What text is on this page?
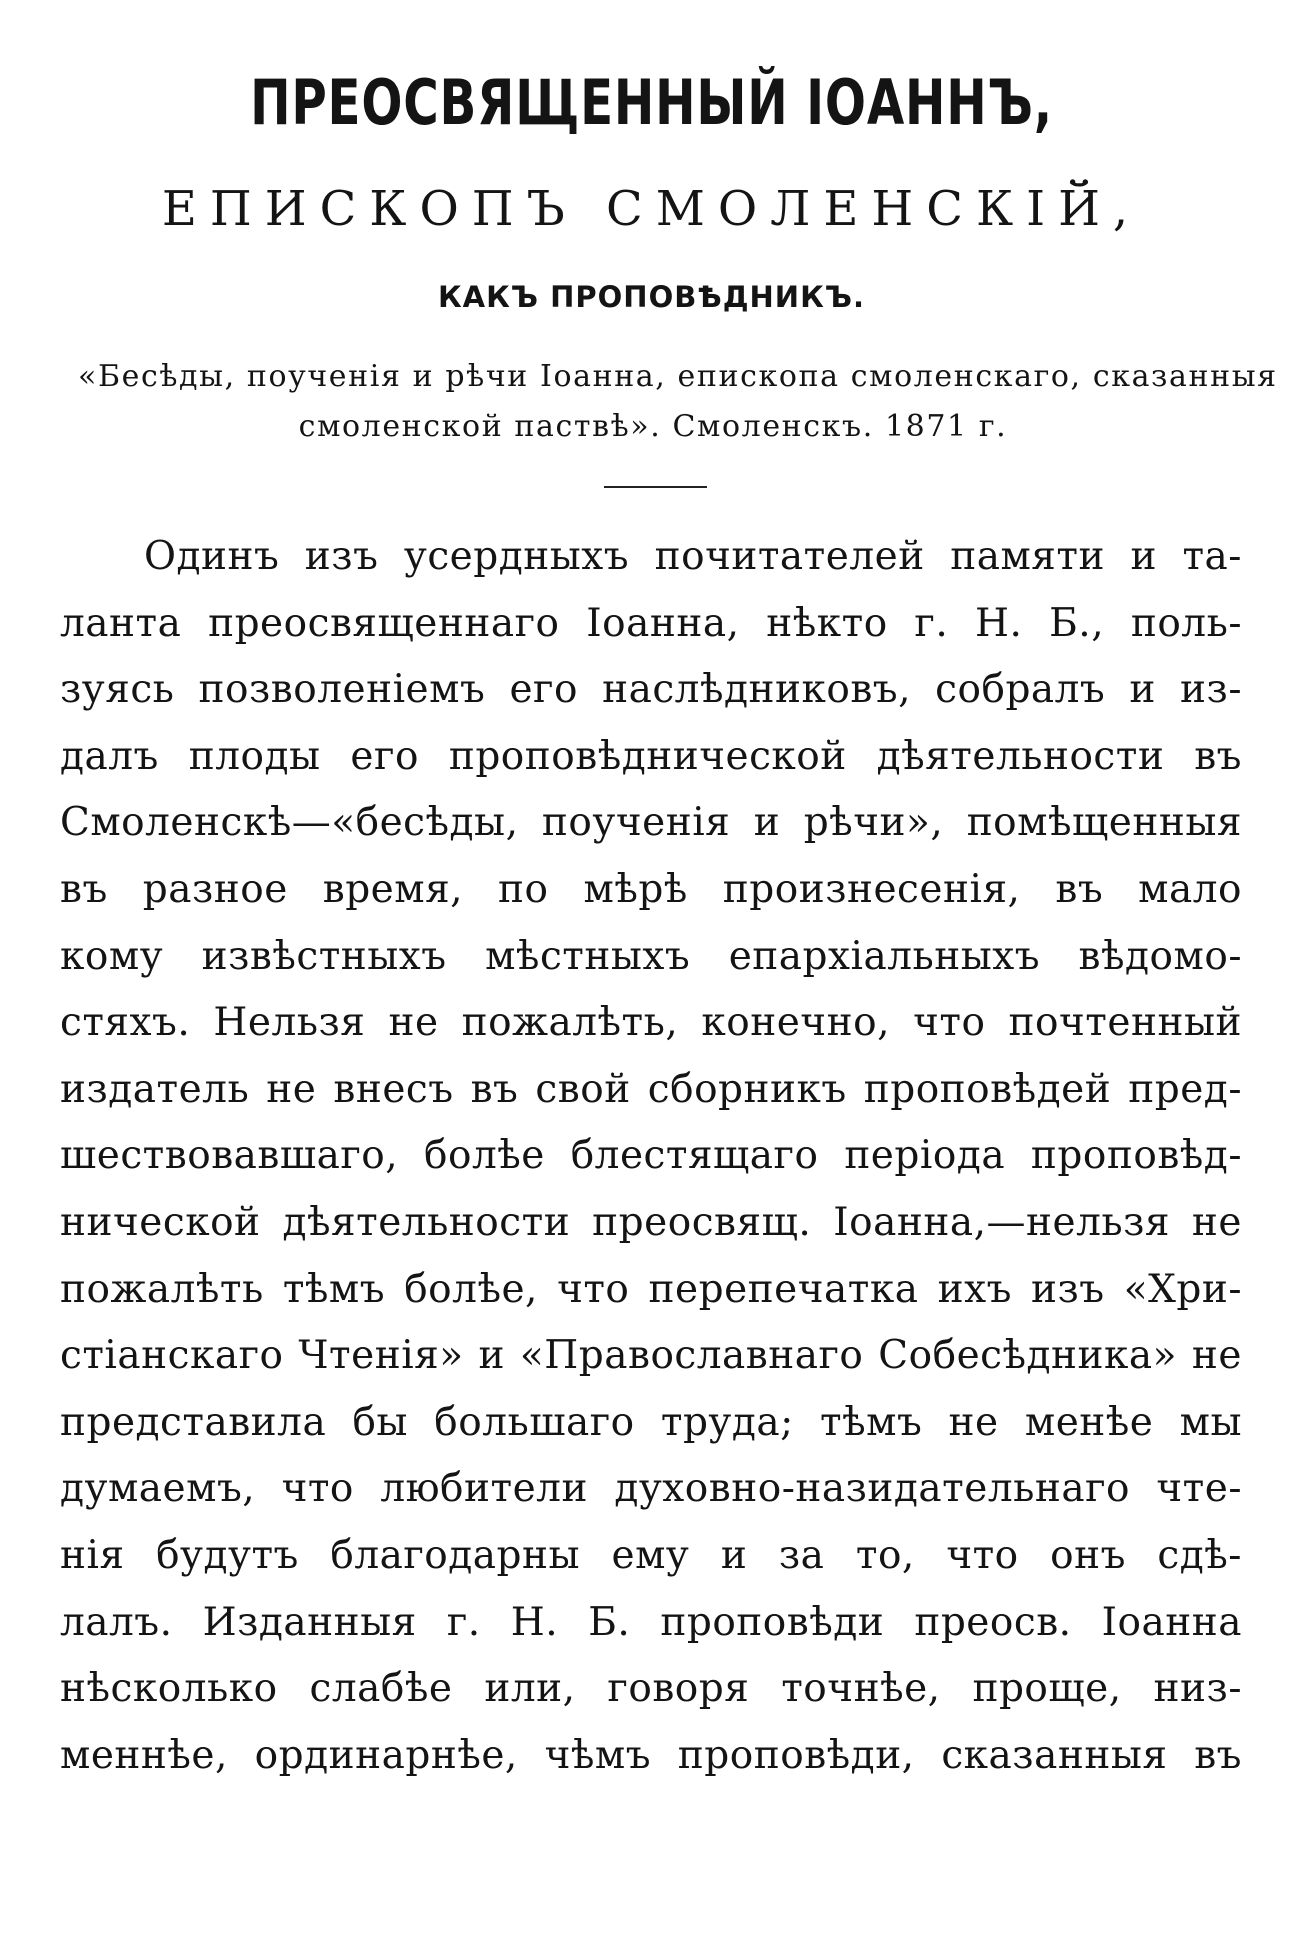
ПРЕОСВЯЩЕННЫЙ ІОАННЪ,
ЕПИСКОПЪ СМОЛЕНСКІЙ,
КАКЪ ПРОПОВѢДНИКЪ.
«Бесѣды, поученія и рѣчи Іоанна, епископа смоленскаго, сказанныя
смоленской паствѣ». Смоленскъ. 1871 г.
Одинъ изъ усердныхъ почитателей памяти и та-
ланта преосвященнаго Іоанна, нѣкто г. Н. Б., поль-
зуясь позволеніемъ его наслѣдниковъ, собралъ и из-
далъ плоды его проповѣднической дѣятельности въ
Смоленскѣ—«бесѣды, поученія и рѣчи», помѣщенныя
въ разное время, по мѣрѣ произнесенія, въ мало
кому извѣстныхъ мѣстныхъ епархіальныхъ вѣдомо-
стяхъ. Нельзя не пожалѣть, конечно, что почтенный
издатель не внесъ въ свой сборникъ проповѣдей пред-
шествовавшаго, болѣе блестящаго періода проповѣд-
нической дѣятельности преосвящ. Іоанна,—нельзя не
пожалѣть тѣмъ болѣе, что перепечатка ихъ изъ «Хри-
стіанскаго Чтенія» и «Православнаго Собесѣдника» не
представила бы большаго труда; тѣмъ не менѣе мы
думаемъ, что любители духовно-назидательнаго чте-
нія будутъ благодарны ему и за то, что онъ сдѣ-
лалъ. Изданныя г. Н. Б. проповѣди преосв. Іоанна
нѣсколько слабѣе или, говоря точнѣе, проще, низ-
меннѣе, ординарнѣе, чѣмъ проповѣди, сказанныя въ
